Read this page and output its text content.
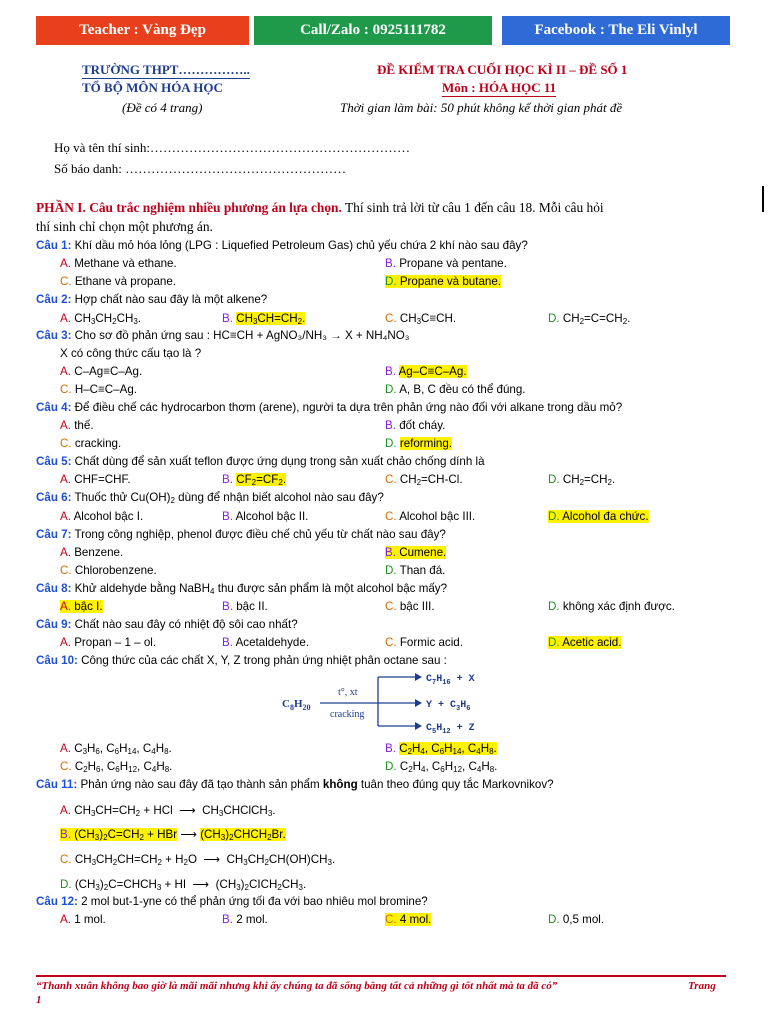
Teacher : Vàng Đẹp	Call/Zalo : 0925111782	Facebook : The Eli Vinlyl
TRƯỜNG THPT……………..
TỔ BỘ MÔN HÓA HỌC
(Đề có 4 trang)
ĐỀ KIỂM TRA CUỐI HỌC KÌ II – ĐỀ SỐ 1
Môn : HÓA HỌC 11
Thời gian làm bài: 50 phút không kể thời gian phát đề
Họ và tên thí sinh:……………………………………………………
Số báo danh: ……………………………………………
PHẦN I. Câu trắc nghiệm nhiều phương án lựa chọn. Thí sinh trả lời từ câu 1 đến câu 18. Mỗi câu hỏi
thí sinh chỉ chọn một phương án.
Câu 1: Khí dầu mỏ hóa lỏng (LPG : Liquefied Petroleum Gas) chủ yếu chứa 2 khí nào sau đây?
A. Methane và ethane.	B. Propane và pentane.
C. Ethane và propane.	D. Propane và butane.
Câu 2: Hợp chất nào sau đây là một alkene?
A. $CH_3CH_2CH_3$.	B. $CH_3CH=CH_2$.	C. $CH_3C\equiv CH$.	D. $CH_2=C=CH_2$.
Câu 3: Cho sơ đồ phản ứng sau : HC≡CH + AgNO₃/NH₃ → X + NH₄NO₃
X có công thức cấu tạo là ?
A. C–Ag≡C–Ag.	B. Ag–C≡C–Ag.
C. H–C≡C–Ag.	D. A, B, C đều có thể đúng.
Câu 4: Để điều chế các hydrocarbon thơm (arene), người ta dựa trên phản ứng nào đối với alkane trong dầu mỏ?
A. thế.	B. đốt cháy.
C. cracking.	D. reforming.
Câu 5: Chất dùng để sản xuất teflon được ứng dụng trong sản xuất chảo chống dính là
A. CHF=CHF.	B. $CF_2=CF_2$.	C. $CH_2=CH-Cl$.	D. $CH_2=CH_2$.
Câu 6: Thuốc thử $Cu(OH)_2$ dùng để nhận biết alcohol nào sau đây?
A. Alcohol bậc I.	B. Alcohol bậc II.	C. Alcohol bậc III.	D. Alcohol đa chức.
Câu 7: Trong công nghiệp, phenol được điều chế chủ yếu từ chất nào sau đây?
A. Benzene.	B. Cumene.
C. Chlorobenzene.	D. Than đá.
Câu 8: Khử aldehyde bằng NaBH$_4$ thu được sản phẩm là một alcohol bậc mấy?
A. bậc I.	B. bậc II.	C. bậc III.	D. không xác định được.
Câu 9: Chất nào sau đây có nhiệt độ sôi cao nhất?
A. Propan – 1 – ol.	B. Acetaldehyde.	C. Formic acid.	D. Acetic acid.
Câu 10: Công thức của các chất X, Y, Z trong phản ứng nhiệt phân octane sau :
$C_8H_{20}$
t°, xt
cracking
$C_7H_{16} + X$
$Y + C_3H_6$
$C_5H_{12} + Z$
A. $C_3H_6$, $C_6H_{14}$, $C_4H_8$.	B. $C_2H_4$, $C_6H_{14}$, $C_4H_8$.
C. $C_2H_6$, $C_6H_{12}$, $C_4H_8$.	D. $C_2H_4$, $C_6H_{12}$, $C_4H_8$.
Câu 11: Phản ứng nào sau đây đã tạo thành sản phẩm không tuân theo đúng quy tắc Markovnikov?
A. $CH_3CH=CH_2$ + HCl  ⟶  $CH_3CHClCH_3$.
B. $(CH_3)_2C=CH_2$ + HBr ⟶ $(CH_3)_2CHCH_2Br$.
C. $CH_3CH_2CH=CH_2 + H_2O$  ⟶  $CH_3CH_2CH(OH)CH_3$.
D. $(CH_3)_2C=CHCH_3$ + HI  ⟶  $(CH_3)_2CICH_2CH_3$.
Câu 12: 2 mol but-1-yne có thể phản ứng tối đa với bao nhiêu mol bromine?
A. 1 mol.	B. 2 mol.	C. 4 mol.	D. 0,5 mol.
“Thanh xuân không bao giờ là mãi mãi nhưng khi ấy chúng ta đã sống bằng tất cả những gì tốt nhất mà ta đã có”	Trang
1
